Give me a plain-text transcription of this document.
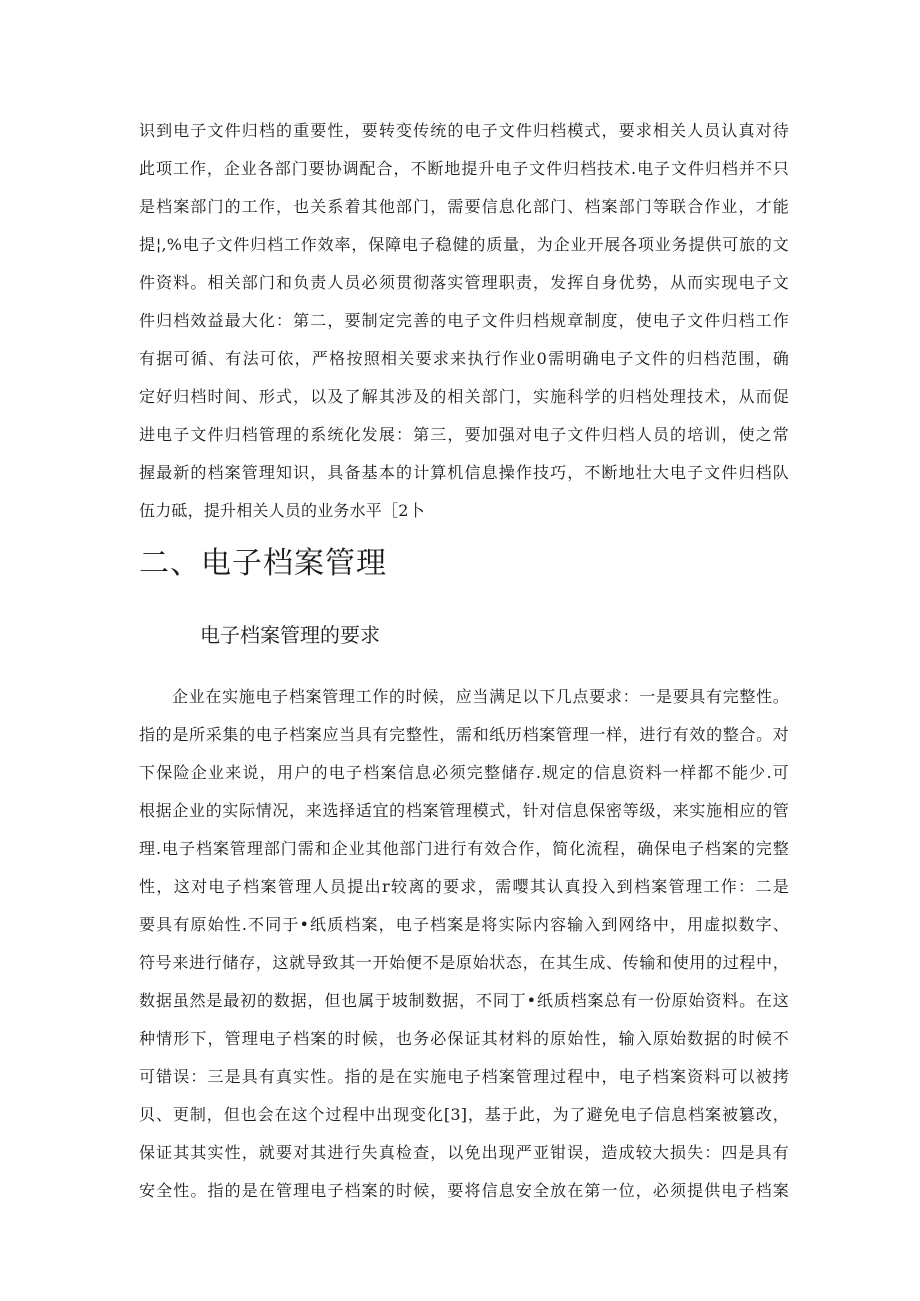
识到电子文件归档的重要性，要转变传统的电子文件归档模式，要求相关人员认真对待
此项工作，企业各部门要协调配合，不断地提升电子文件归档技术.电子文件归档并不只
是档案部门的工作，也关系着其他部门，需要信息化部门、档案部门等联合作业，才能
提¦,%电子文件归档工作效率，保障电子稳健的质量，为企业开展各项业务提供可旅的文
件资料。相关部门和负责人员必须贯彻落实管理职责，发挥自身优势，从而实现电子文
件归档效益最大化：第二，要制定完善的电子文件归档规章制度，使电子文件归档工作
有据可循、有法可依，严格按照相关要求来执行作业0需明确电子文件的归档范围，确
定好归档时间、形式，以及了解其涉及的相关部门，实施科学的归档处理技术，从而促
进电子文件归档管理的系统化发展：第三，要加强对电子文件归档人员的培训，使之常
握最新的档案管理知识，具备基本的计算机信息操作技巧，不断地壮大电子文件归档队
伍力砥，提升相关人员的业务水平［2卜
二、电子档案管理
电子档案管理的要求
企业在实施电子档案管理工作的时候，应当满足以下几点要求：一是要具有完整性。
指的是所采集的电子档案应当具有完整性，需和纸历档案管理一样，进行有效的整合。对
下保险企业来说，用户的电子档案信息必须完整储存.规定的信息资料一样都不能少.可
根据企业的实际情况，来选择适宜的档案管理模式，针对信息保密等级，来实施相应的管
理.电子档案管理部门需和企业其他部门进行有效合作，简化流程，确保电子档案的完整
性，这对电子档案管理人员提出r较离的要求，需嘤其认真投入到档案管理工作：二是
要具有原始性.不同于•纸质档案，电子档案是将实际内容输入到网络中，用虚拟数字、
符号来进行储存，这就导致其一开始便不是原始状态，在其生成、传输和使用的过程中，
数据虽然是最初的数据，但也属于坡制数据，不同丁•纸质档案总有一份原始资料。在这
种情形下，管理电子档案的时候，也务必保证其材料的原始性，输入原始数据的时候不
可错误：三是具有真实性。指的是在实施电子档案管理过程中，电子档案资料可以被拷
贝、更制，但也会在这个过程中出现变化[3]，基于此，为了避免电子信息档案被篡改，
保证其其实性，就要对其进行失真检查，以免出现严亚钳误，造成较大损失：四是具有
安全性。指的是在管理电子档案的时候，要将信息安全放在第一位，必须提供电子档案
